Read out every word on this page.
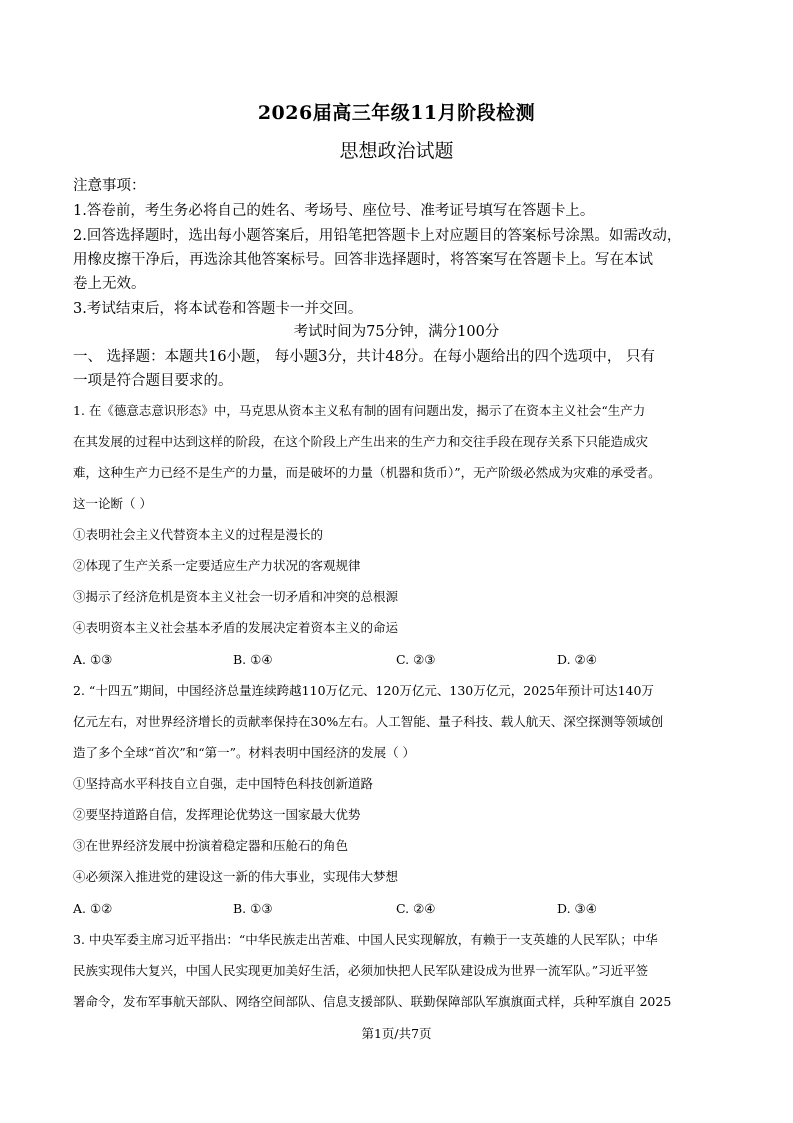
2026届高三年级11月阶段检测
思想政治试题
注意事项：
1.答卷前，考生务必将自己的姓名、考场号、座位号、准考证号填写在答题卡上。
2.回答选择题时，选出每小题答案后，用铅笔把答题卡上对应题目的答案标号涂黑。如需改动，
用橡皮擦干净后，再选涂其他答案标号。回答非选择题时，将答案写在答题卡上。写在本试
卷上无效。
3.考试结束后，将本试卷和答题卡一并交回。
考试时间为75分钟，满分100分
一、 选择题：本题共16小题， 每小题3分，共计48分。在每小题给出的四个选项中， 只有
一项是符合题目要求的。
1. 在《德意志意识形态》中，马克思从资本主义私有制的固有问题出发，揭示了在资本主义社会“生产力
在其发展的过程中达到这样的阶段，在这个阶段上产生出来的生产力和交往手段在现存关系下只能造成灾
难，这种生产力已经不是生产的力量，而是破坏的力量（机器和货币）”，无产阶级必然成为灾难的承受者。
这一论断（ ）
①表明社会主义代替资本主义的过程是漫长的
②体现了生产关系一定要适应生产力状况的客观规律
③揭示了经济危机是资本主义社会一切矛盾和冲突的总根源
④表明资本主义社会基本矛盾的发展决定着资本主义的命运
A. ①③	B. ①④	C. ②③	D. ②④
2. “十四五”期间，中国经济总量连续跨越110万亿元、120万亿元、130万亿元，2025年预计可达140万
亿元左右，对世界经济增长的贡献率保持在30%左右。人工智能、量子科技、载人航天、深空探测等领域创
造了多个全球“首次”和“第一”。材料表明中国经济的发展（ ）
①坚持高水平科技自立自强，走中国特色科技创新道路
②要坚持道路自信，发挥理论优势这一国家最大优势
③在世界经济发展中扮演着稳定器和压舱石的角色
④必须深入推进党的建设这一新的伟大事业，实现伟大梦想
A. ①②	B. ①③	C. ②④	D. ③④
3. 中央军委主席习近平指出：“中华民族走出苦难、中国人民实现解放，有赖于一支英雄的人民军队；中华
民族实现伟大复兴，中国人民实现更加美好生活，必须加快把人民军队建设成为世界一流军队。”习近平签
署命令，发布军事航天部队、网络空间部队、信息支援部队、联勤保障部队军旗旗面式样，兵种军旗自 2025
第1页/共7页
